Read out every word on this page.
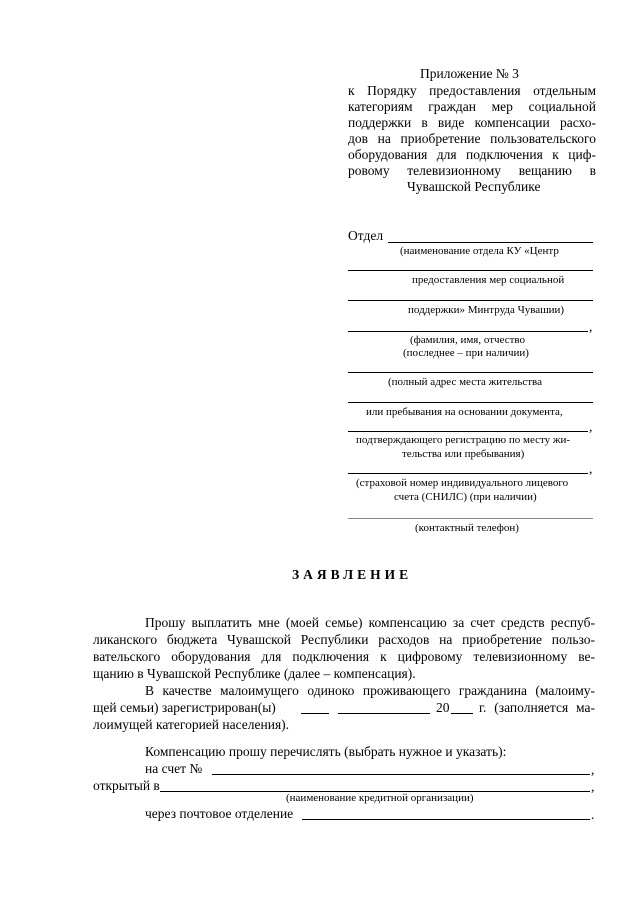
Приложение № 3
к Порядку предоставления отдельным
категориям граждан мер социальной
поддержки в виде компенсации расхо-
дов на приобретение пользовательского
оборудования для подключения к циф-
ровому телевизионному вещанию в
Чувашской Республике
Отдел
(наименование отдела КУ «Центр
предоставления мер социальной
поддержки» Минтруда Чувашии)
,
(фамилия, имя, отчество
(последнее – при наличии)
(полный адрес места жительства
или пребывания на основании документа,
,
подтверждающего регистрацию по месту жи-
тельства или пребывания)
,
(страховой номер индивидуального лицевого
счета (СНИЛС) (при наличии)
(контактный телефон)
ЗАЯВЛЕНИЕ
Прошу выплатить мне (моей семье) компенсацию за счет средств респуб-
ликанского бюджета Чувашской Республики расходов на приобретение пользо-
вательского оборудования для подключения к цифровому телевизионному ве-
щанию в Чувашской Республике (далее – компенсация).
В качестве малоимущего одиноко проживающего гражданина (малоиму-
щей семьи) зарегистрирован(ы)	20 г. (заполняется ма-
лоимущей категорией населения).
Компенсацию прошу перечислять (выбрать нужное и указать):
на счет №	,
открытый в	,
(наименование кредитной организации)
через почтовое отделение	.
